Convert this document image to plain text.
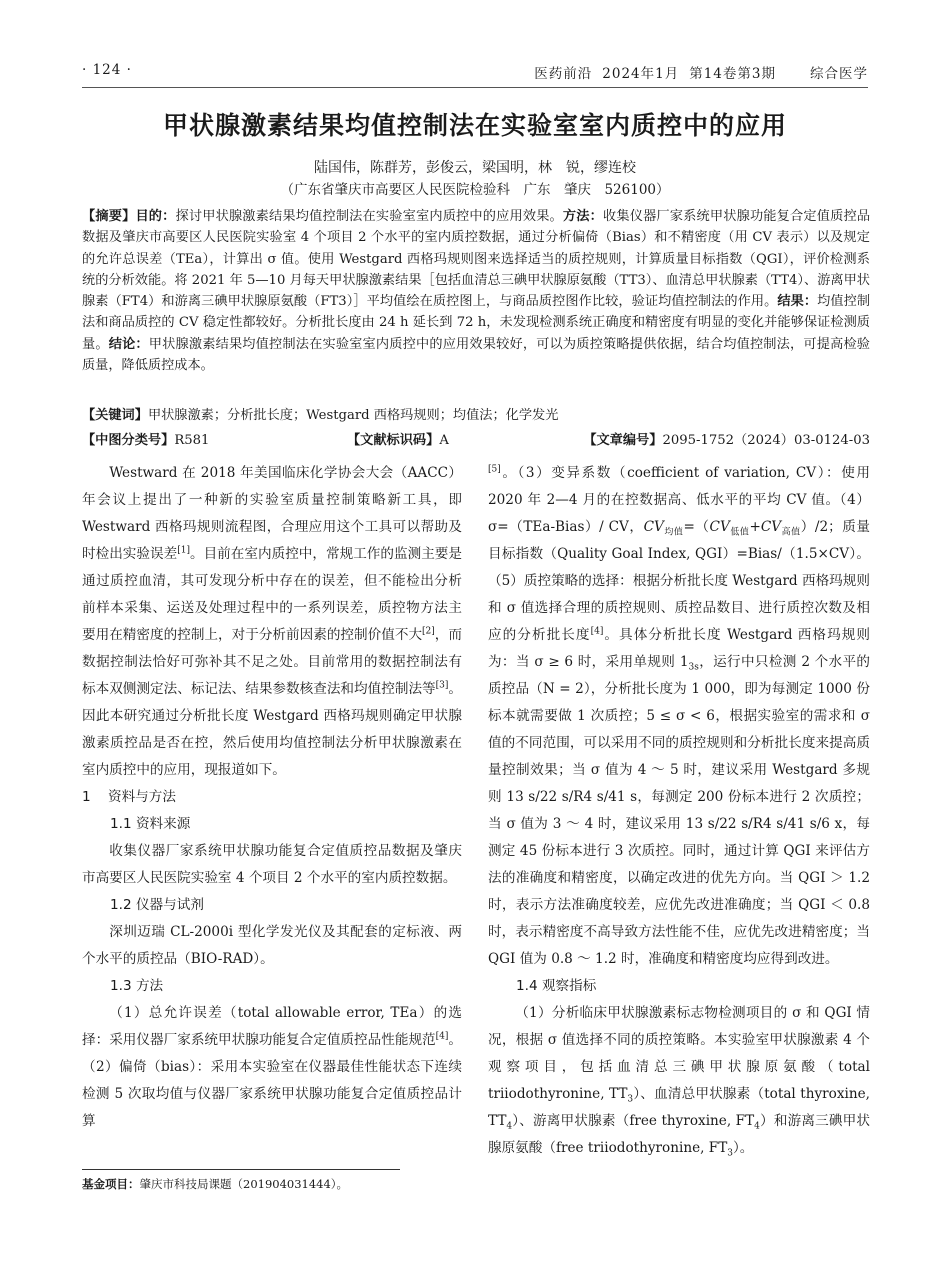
· 124 ·	医药前沿 2024年1月 第14卷第3期	综合医学
甲状腺激素结果均值控制法在实验室室内质控中的应用
陆国伟，陈群芳，彭俊云，梁国明，林　锐，缪连校
（广东省肇庆市高要区人民医院检验科　广东　肇庆　526100）
【摘要】目的：探讨甲状腺激素结果均值控制法在实验室室内质控中的应用效果。方法：收集仪器厂家系统甲状腺功能复合定值质控品数据及肇庆市高要区人民医院实验室 4 个项目 2 个水平的室内质控数据，通过分析偏倚（Bias）和不精密度（用 CV 表示）以及规定的允许总误差（TEa），计算出 σ 值。使用 Westgard 西格玛规则图来选择适当的质控规则，计算质量目标指数（QGI），评价检测系统的分析效能。将 2021 年 5—10 月每天甲状腺激素结果［包括血清总三碘甲状腺原氨酸（TT3）、血清总甲状腺素（TT4）、游离甲状腺素（FT4）和游离三碘甲状腺原氨酸（FT3）］平均值绘在质控图上，与商品质控图作比较，验证均值控制法的作用。结果：均值控制法和商品质控的 CV 稳定性都较好。分析批长度由 24 h 延长到 72 h，未发现检测系统正确度和精密度有明显的变化并能够保证检测质量。结论：甲状腺激素结果均值控制法在实验室室内质控中的应用效果较好，可以为质控策略提供依据，结合均值控制法，可提高检验质量，降低质控成本。
【关键词】甲状腺激素；分析批长度；Westgard 西格玛规则；均值法；化学发光
【中图分类号】R581	【文献标识码】A	【文章编号】2095-1752（2024）03-0124-03

Westward 在 2018 年美国临床化学协会大会（AACC）年会议上提出了一种新的实验室质量控制策略新工具，即 Westward 西格玛规则流程图，合理应用这个工具可以帮助及时检出实验误差[1]。目前在室内质控中，常规工作的监测主要是通过质控血清，其可发现分析中存在的误差，但不能检出分析前样本采集、运送及处理过程中的一系列误差，质控物方法主要用在精密度的控制上，对于分析前因素的控制价值不大[2]，而数据控制法恰好可弥补其不足之处。目前常用的数据控制法有标本双侧测定法、标记法、结果参数核查法和均值控制法等[3]。因此本研究通过分析批长度 Westgard 西格玛规则确定甲状腺激素质控品是否在控，然后使用均值控制法分析甲状腺激素在室内质控中的应用，现报道如下。

1 资料与方法

1.1 资料来源

收集仪器厂家系统甲状腺功能复合定值质控品数据及肇庆市高要区人民医院实验室 4 个项目 2 个水平的室内质控数据。

1.2 仪器与试剂

深圳迈瑞 CL-2000i 型化学发光仪及其配套的定标液、两个水平的质控品（BIO-RAD）。

1.3 方法

（1）总允许误差（total allowable error, TEa）的选择：采用仪器厂家系统甲状腺功能复合定值质控品性能规范[4]。（2）偏倚（bias）：采用本实验室在仪器最佳性能状态下连续检测 5 次取均值与仪器厂家系统甲状腺功能复合定值质控品计算

[5]。（3）变异系数（coefficient of variation, CV）：使用 2020 年 2—4 月的在控数据高、低水平的平均 CV 值。（4）σ=（TEa-Bias）/ CV，$CV_{均值}=(CV_{低值}+CV_{高值})/2$；质量目标指数（Quality Goal Index, QGI）=Bias/（1.5×CV）。（5）质控策略的选择：根据分析批长度 Westgard 西格玛规则和 σ 值选择合理的质控规则、质控品数目、进行质控次数及相应的分析批长度[4]。具体分析批长度 Westgard 西格玛规则为：当 σ ≥ 6 时，采用单规则 $1_{3s}$，运行中只检测 2 个水平的质控品（N = 2），分析批长度为 1 000，即为每测定 1000 份标本就需要做 1 次质控；5 ≤ σ < 6，根据实验室的需求和 σ 值的不同范围，可以采用不同的质控规则和分析批长度来提高质量控制效果；当 σ 值为 4 ～ 5 时，建议采用 Westgard 多规则 13 s/22 s/R4 s/41 s，每测定 200 份标本进行 2 次质控；当 σ 值为 3 ～ 4 时，建议采用 13 s/22 s/R4 s/41 s/6 x，每测定 45 份标本进行 3 次质控。同时，通过计算 QGI 来评估方法的准确度和精密度，以确定改进的优先方向。当 QGI ＞ 1.2 时，表示方法准确度较差，应优先改进准确度；当 QGI ＜ 0.8 时，表示精密度不高导致方法性能不佳，应优先改进精密度；当 QGI 值为 0.8 ～ 1.2 时，准确度和精密度均应得到改进。

1.4 观察指标

（1）分析临床甲状腺激素标志物检测项目的 σ 和 QGI 情况，根据 σ 值选择不同的质控策略。本实验室甲状腺激素 4 个观察项目，包括血清总三碘甲状腺原氨酸（total triiodothyronine, $TT_3$）、血清总甲状腺素（total thyroxine, $TT_4$）、游离甲状腺素（free thyroxine, $FT_4$）和游离三碘甲状腺原氨酸（free triiodothyronine, $FT_3$）。

基金项目：肇庆市科技局课题（201904031444）。
